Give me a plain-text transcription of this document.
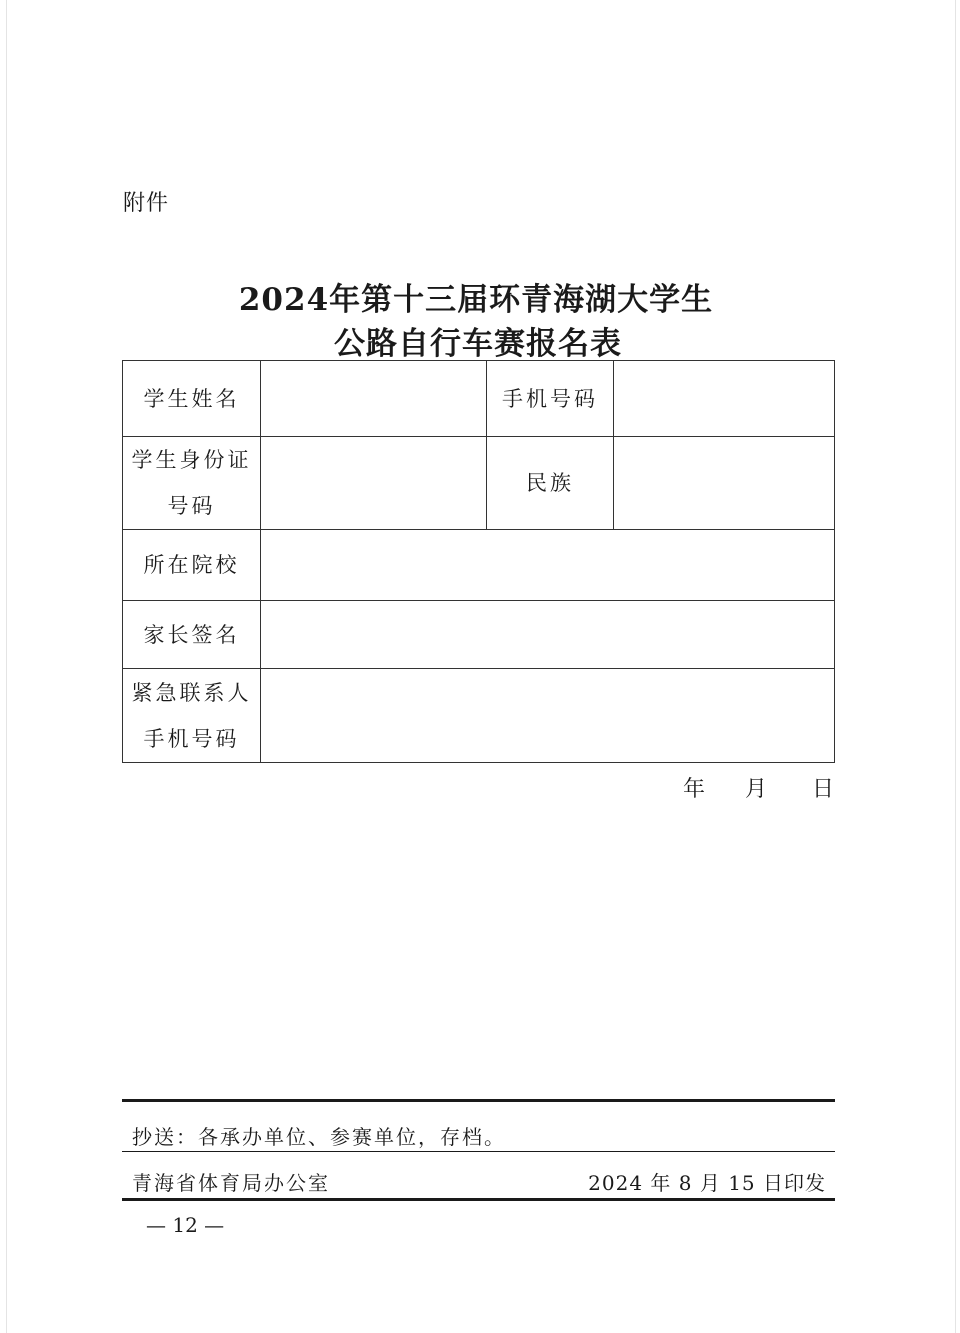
附件
2024年第十三届环青海湖大学生
公路自行车赛报名表
学生姓名		手机号码	

学生身份证
号码		民族	
所在院校			
家长签名			

紧急联系人
手机号码			

年 月 日
抄送：各承办单位、参赛单位，存档。
青海省体育局办公室	2024 年 8 月 15 日印发
— 12 —
